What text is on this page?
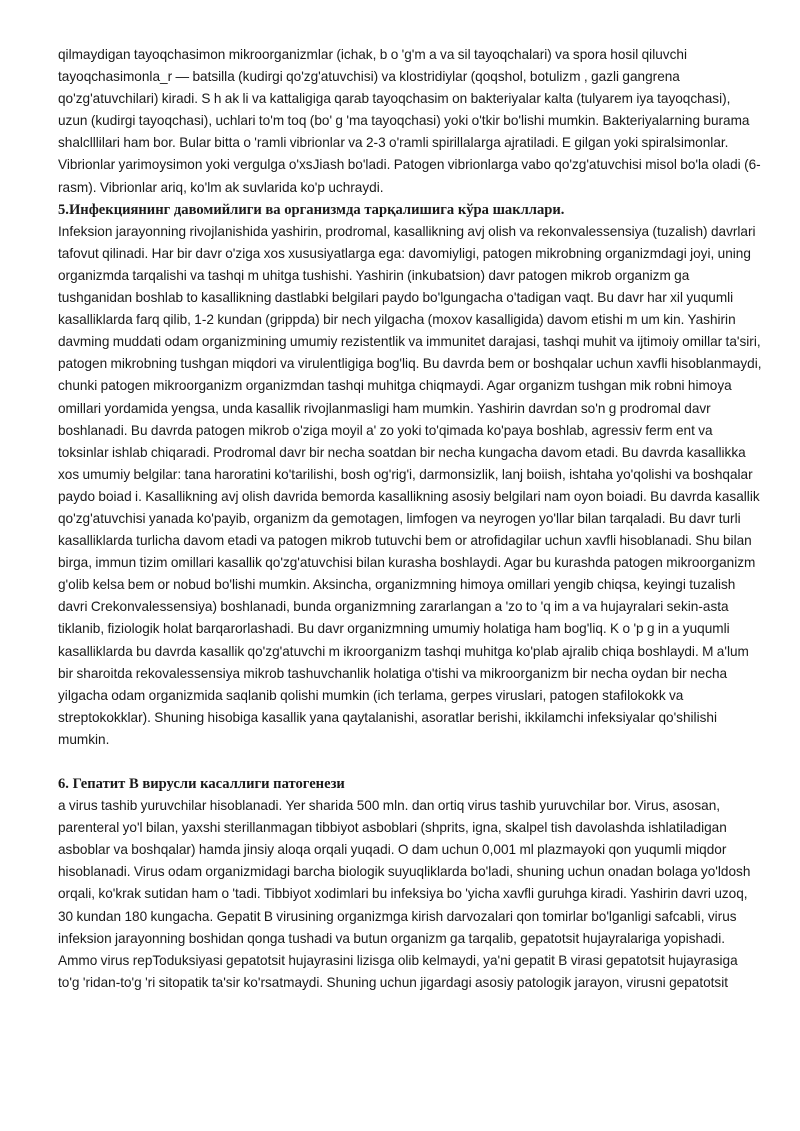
qilmaydigan tayoqchasimon mikroorganizmlar (ichak, b o 'g'm a va sil tayoqchalari) va spora hosil qiluvchi tayoqchasimonla_r — batsilla (kudirgi qo'zg'atuvchisi) va klostridiylar (qoqshol, botulizm , gazli gangrena qo'zg'atuvchilari) kiradi. S h ak li va kattaligiga qarab tayoqchasim on bakteriyalar kalta (tulyarem iya tayoqchasi), uzun (kudirgi tayoqchasi), uchlari to'm toq (bo' g 'ma tayoqchasi) yoki o'tkir bo'lishi mumkin. Bakteriyalarning burama shalclllilari ham bor. Bular bitta o 'ramli vibrionlar va 2-3 o'ramli spirillalarga ajratiladi. E gilgan yoki spiralsimonlar. Vibrionlar yarimoysimon yoki vergulga o'xsJiash bo'ladi. Patogen vibrionlarga vabo qo'zg'atuvchisi misol bo'la oladi (6-rasm). Vibrionlar ariq, ko'lm ak suvlarida ko'p uchraydi.

5.Инфекциянинг давомийлиги ва организмда тарқалишига кўра шакллари.

Infeksion jarayonning rivojlanishida yashirin, prodromal, kasallikning avj olish va rekonvalessensiya (tuzalish) davrlari tafovut qilinadi. Har bir davr o'ziga xos xususiyatlarga ega: davomiyligi, patogen mikrobning organizmdagi joyi, uning organizmda tarqalishi va tashqi m uhitga tushishi. Yashirin (inkubatsion) davr patogen mikrob organizm ga tushganidan boshlab to kasallikning dastlabki belgilari paydo bo'lgungacha o'tadigan vaqt. Bu davr har xil yuqumli kasalliklarda farq qilib, 1-2 kundan (grippda) bir nech yilgacha (moxov kasalligida) davom etishi m um kin. Yashirin davming muddati odam organizmining umumiy rezistentlik va immunitet darajasi, tashqi muhit va ijtimoiy omillar ta'siri, patogen mikrobning tushgan miqdori va virulentligiga bog'liq. Bu davrda bem or boshqalar uchun xavfli hisoblanmaydi, chunki patogen mikroorganizm organizmdan tashqi muhitga chiqmaydi. Agar organizm tushgan mik robni himoya omillari yordamida yengsa, unda kasallik rivojlanmasligi ham mumkin. Yashirin davrdan so'n g prodromal davr boshlanadi. Bu davrda patogen mikrob o'ziga moyil a' zo yoki to'qimada ko'paya boshlab, agressiv ferm ent va toksinlar ishlab chiqaradi. Prodromal davr bir necha soatdan bir necha kungacha davom etadi. Bu davrda kasallikka xos umumiy belgilar: tana haroratini ko'tarilishi, bosh og'rig'i, darmonsizlik, lanj boiish, ishtaha yo'qolishi va boshqalar paydo boiad i. Kasallikning avj olish davrida bemorda kasallikning asosiy belgilari nam oyon boiadi. Bu davrda kasallik qo'zg'atuvchisi yanada ko'payib, organizm da gemotagen, limfogen va neyrogen yo'llar bilan tarqaladi. Bu davr turli kasalliklarda turlicha davom etadi va patogen mikrob tutuvchi bem or atrofidagilar uchun xavfli hisoblanadi. Shu bilan birga, immun tizim omillari kasallik qo'zg'atuvchisi bilan kurasha boshlaydi. Agar bu kurashda patogen mikroorganizm g'olib kelsa bem or nobud bo'lishi mumkin. Aksincha, organizmning himoya omillari yengib chiqsa, keyingi tuzalish davri Crekonvalessensiya) boshlanadi, bunda organizmning zararlangan a 'zo to 'q im a va hujayralari sekin-asta tiklanib, fiziologik holat barqarorlashadi. Bu davr organizmning umumiy holatiga ham bog'liq. K o 'p g in a yuqumli kasalliklarda bu davrda kasallik qo'zg'atuvchi m ikroorganizm tashqi muhitga ko'plab ajralib chiqa boshlaydi. M a'lum bir sharoitda rekovalessensiya mikrob tashuvchanlik holatiga o'tishi va mikroorganizm bir necha oydan bir necha yilgacha odam organizmida saqlanib qolishi mumkin (ich terlama, gerpes viruslari, patogen stafilokokk va streptokokklar). Shuning hisobiga kasallik yana qaytalanishi, asoratlar berishi, ikkilamchi infeksiyalar qo'shilishi mumkin.

6. Гепатит В вирусли касаллиги патогенези

a virus tashib yuruvchilar hisoblanadi. Yer sharida 500 mln. dan ortiq virus tashib yuruvchilar bor. Virus, asosan, parenteral yo'l bilan, yaxshi sterillanmagan tibbiyot asboblari (shprits, igna, skalpel tish davolashda ishlatiladigan asboblar va boshqalar) hamda jinsiy aloqa orqali yuqadi. O dam uchun 0,001 ml plazmayoki qon yuqumli miqdor hisoblanadi. Virus odam organizmidagi barcha biologik suyuqliklarda bo'ladi, shuning uchun onadan bolaga yo'ldosh orqali, ko'krak sutidan ham o 'tadi. Tibbiyot xodimlari bu infeksiya bo 'yicha xavfli guruhga kiradi. Yashirin davri uzoq, 30 kundan 180 kungacha. Gepatit B virusining organizmga kirish darvozalari qon tomirlar bo'lganligi safcabli, virus infeksion jarayonning boshidan qonga tushadi va butun organizm ga tarqalib, gepatotsit hujayralariga yopishadi. Ammo virus repToduksiyasi gepatotsit hujayrasini lizisga olib kelmaydi, ya'ni gepatit B virasi gepatotsit hujayrasiga to'g 'ridan-to'g 'ri sitopatik ta'sir ko'rsatmaydi. Shuning uchun jigardagi asosiy patologik jarayon, virusni gepatotsit
